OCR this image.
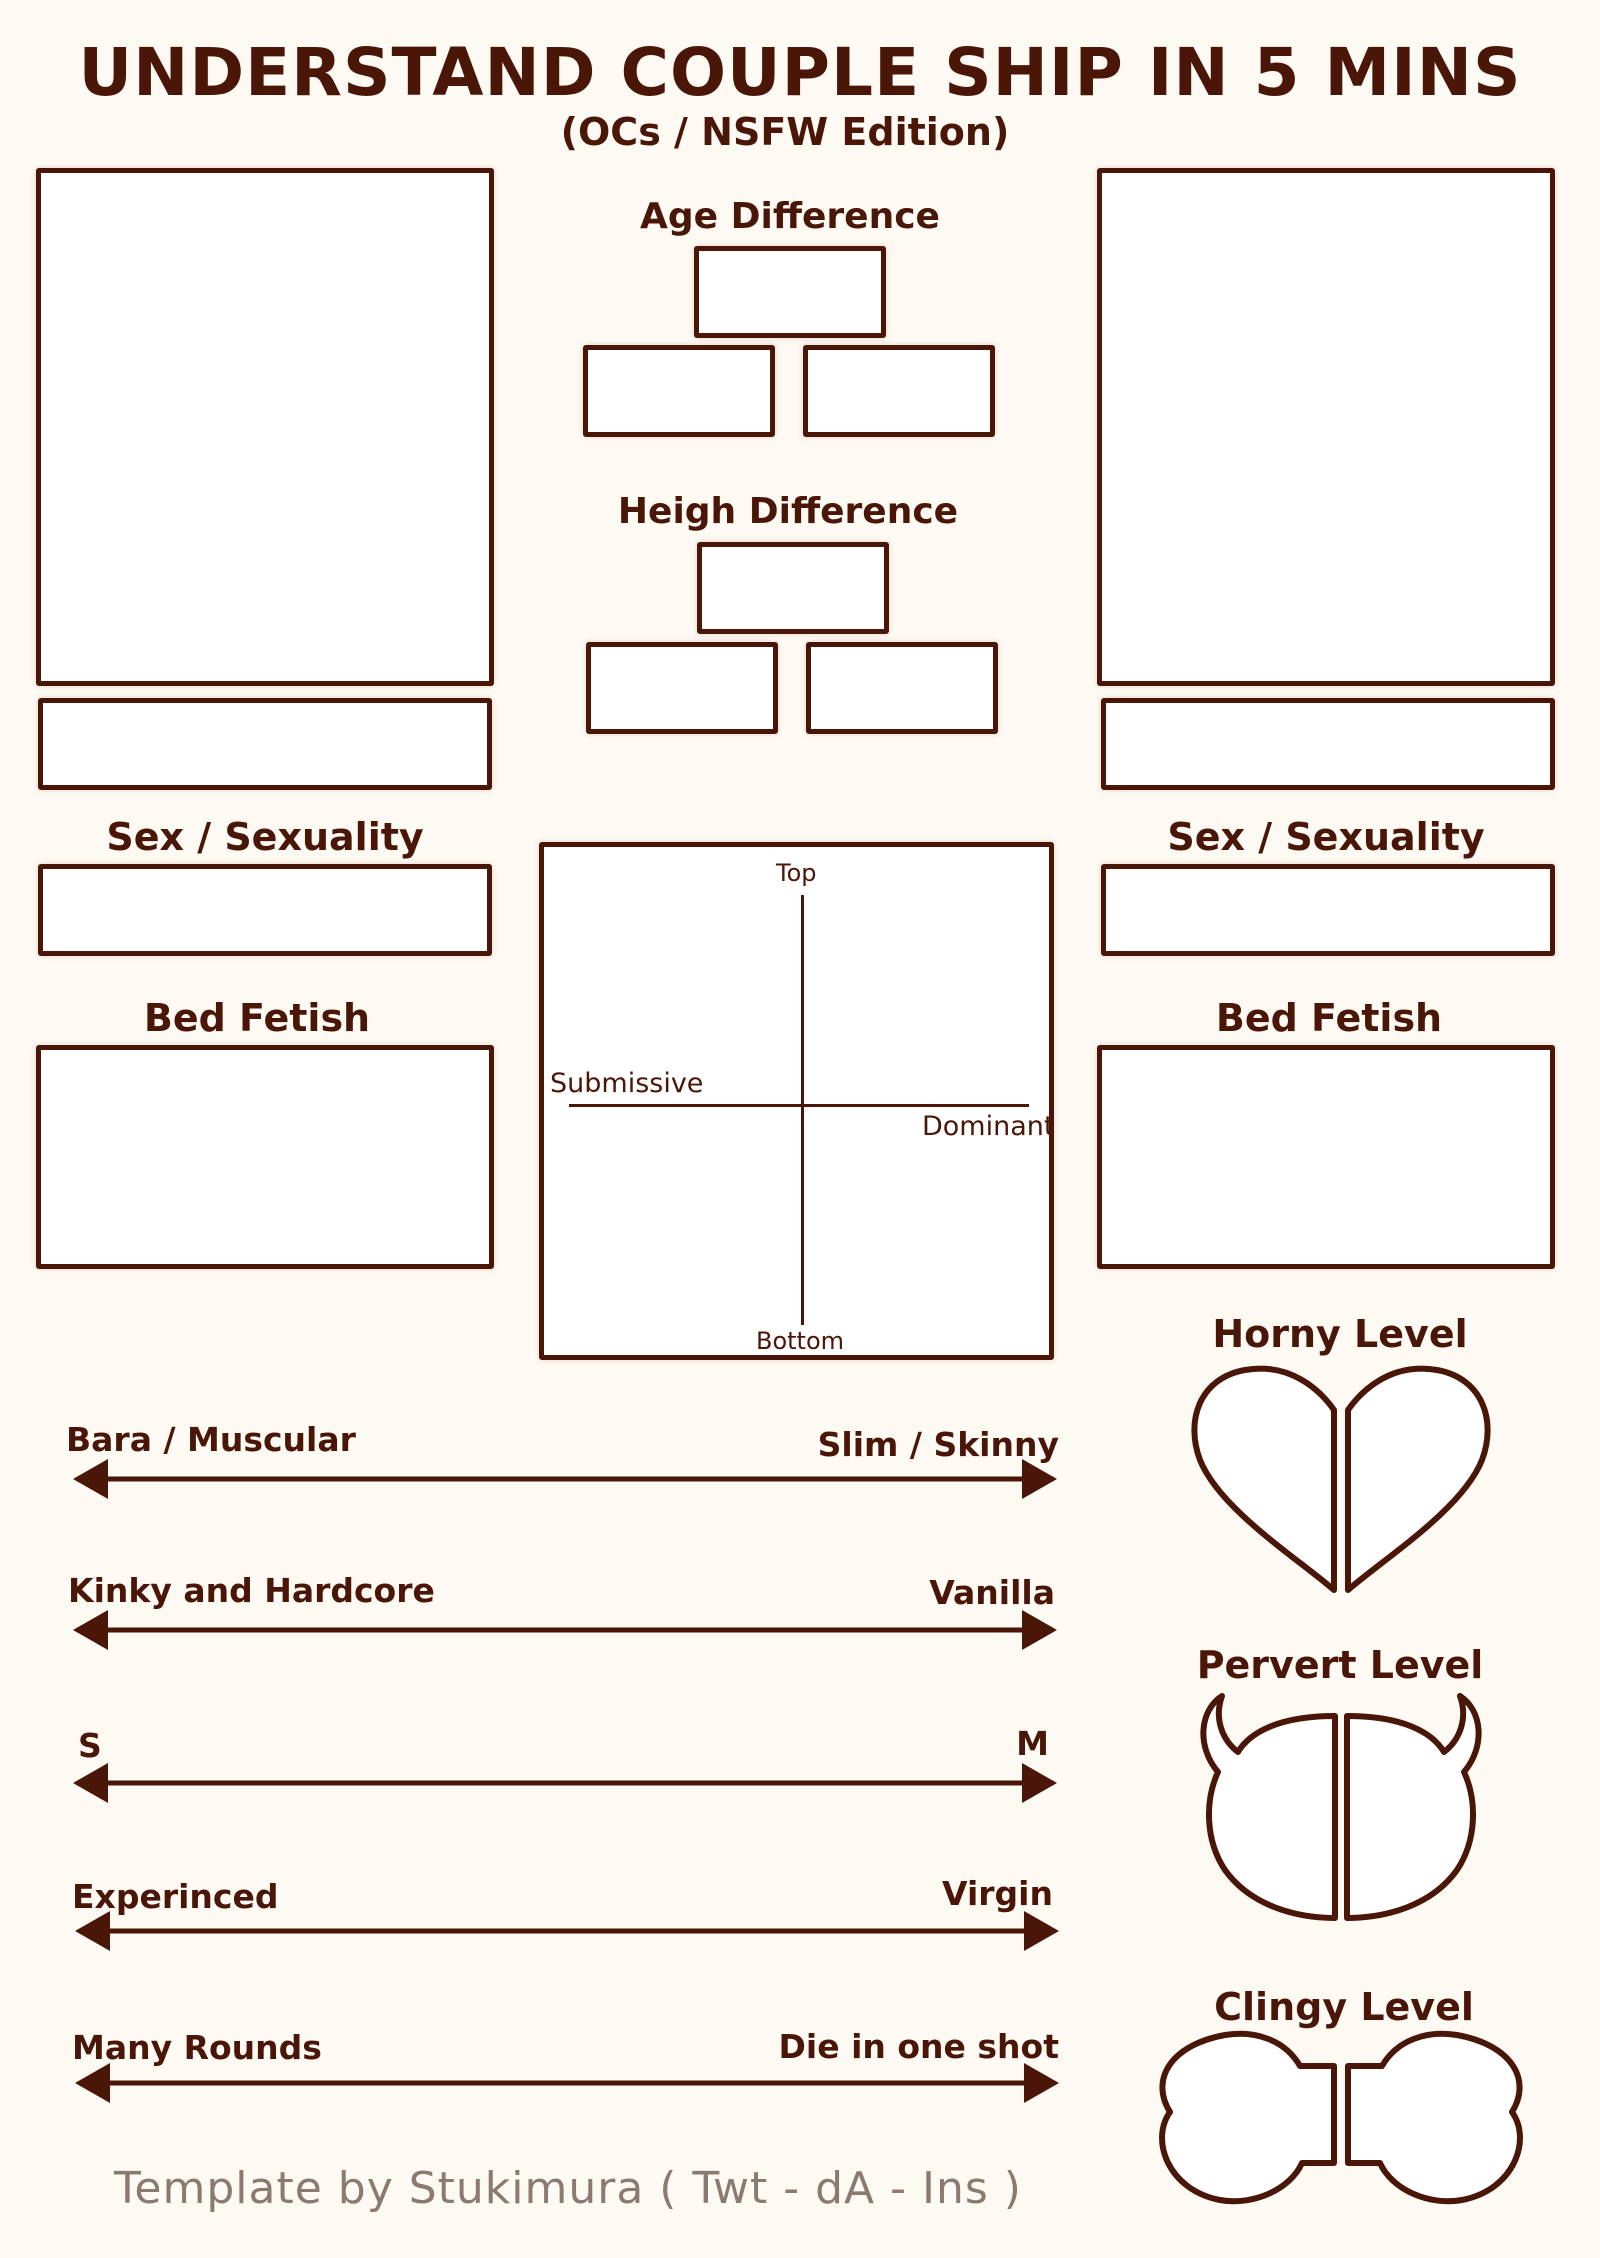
UNDERSTAND COUPLE SHIP IN 5 MINS
(OCs / NSFW Edition)
Age Difference
Heigh Difference
Sex / Sexuality	Sex / Sexuality
Bed Fetish	Bed Fetish
Top
Bottom
Submissive
Dominant
Bara / Muscular	Slim / Skinny
Kinky and Hardcore	Vanilla
S	M
Experinced	Virgin
Many Rounds	Die in one shot
Horny Level
Pervert Level
Clingy Level
Template by Stukimura ( Twt - dA - Ins )
